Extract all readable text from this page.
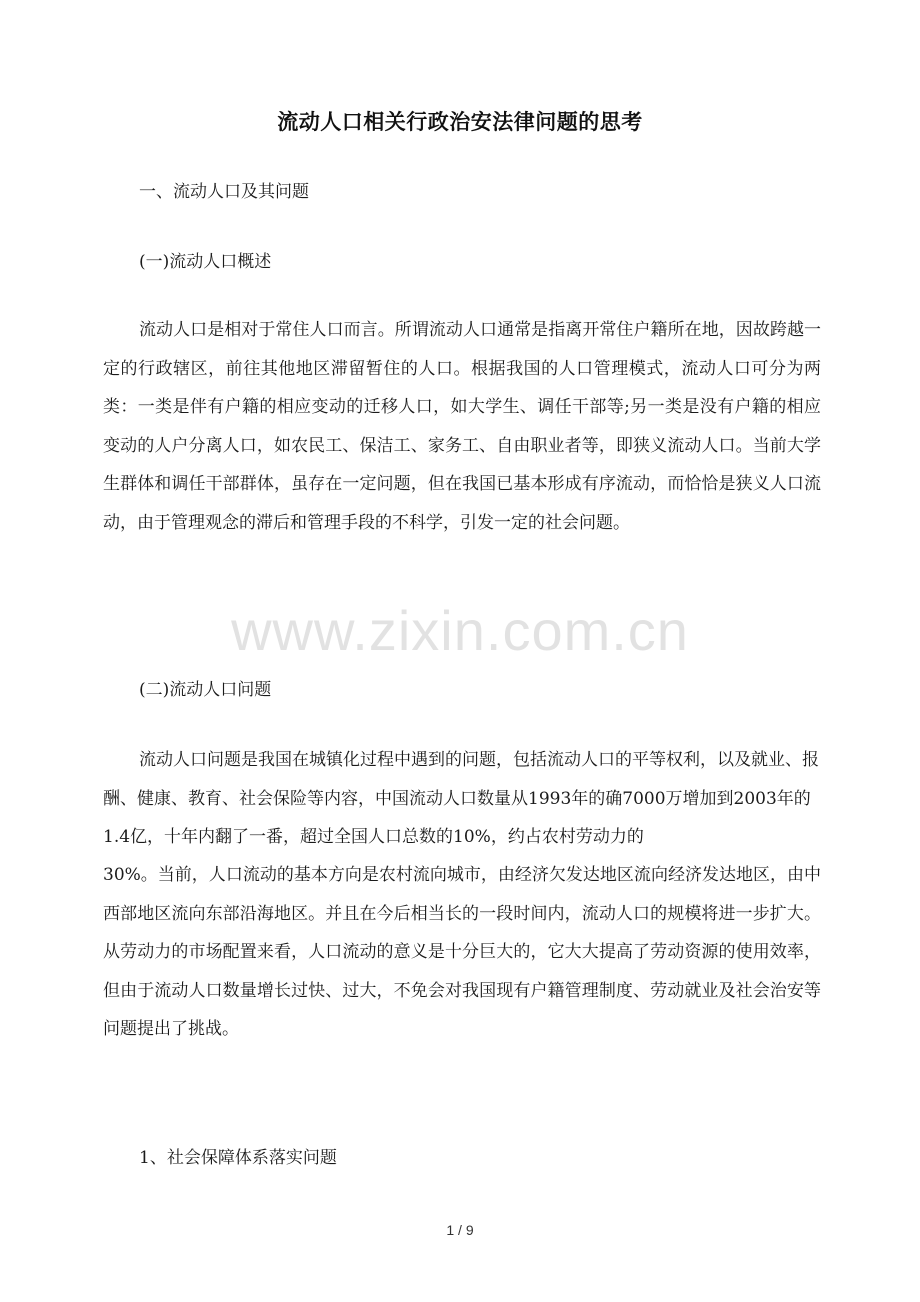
流动人口相关行政治安法律问题的思考
一、流动人口及其问题
(一)流动人口概述

流动人口是相对于常住人口而言。所谓流动人口通常是指离开常住户籍所在地，因故跨越一定的行政辖区，前往其他地区滞留暂住的人口。根据我国的人口管理模式，流动人口可分为两类：一类是伴有户籍的相应变动的迁移人口，如大学生、调任干部等;另一类是没有户籍的相应变动的人户分离人口，如农民工、保洁工、家务工、自由职业者等，即狭义流动人口。当前大学生群体和调任干部群体，虽存在一定问题，但在我国已基本形成有序流动，而恰恰是狭义人口流动，由于管理观念的滞后和管理手段的不科学，引发一定的社会问题。

www.zixin.com.cn
(二)流动人口问题

流动人口问题是我国在城镇化过程中遇到的问题，包括流动人口的平等权利，以及就业、报酬、健康、教育、社会保险等内容，中国流动人口数量从1993年的确7000万增加到2003年的1.4亿，十年内翻了一番，超过全国人口总数的10%，约占农村劳动力的

30%。当前，人口流动的基本方向是农村流向城市，由经济欠发达地区流向经济发达地区，由中西部地区流向东部沿海地区。并且在今后相当长的一段时间内，流动人口的规模将进一步扩大。从劳动力的市场配置来看，人口流动的意义是十分巨大的，它大大提高了劳动资源的使用效率，但由于流动人口数量增长过快、过大，不免会对我国现有户籍管理制度、劳动就业及社会治安等问题提出了挑战。

1、社会保障体系落实问题
1 / 9
